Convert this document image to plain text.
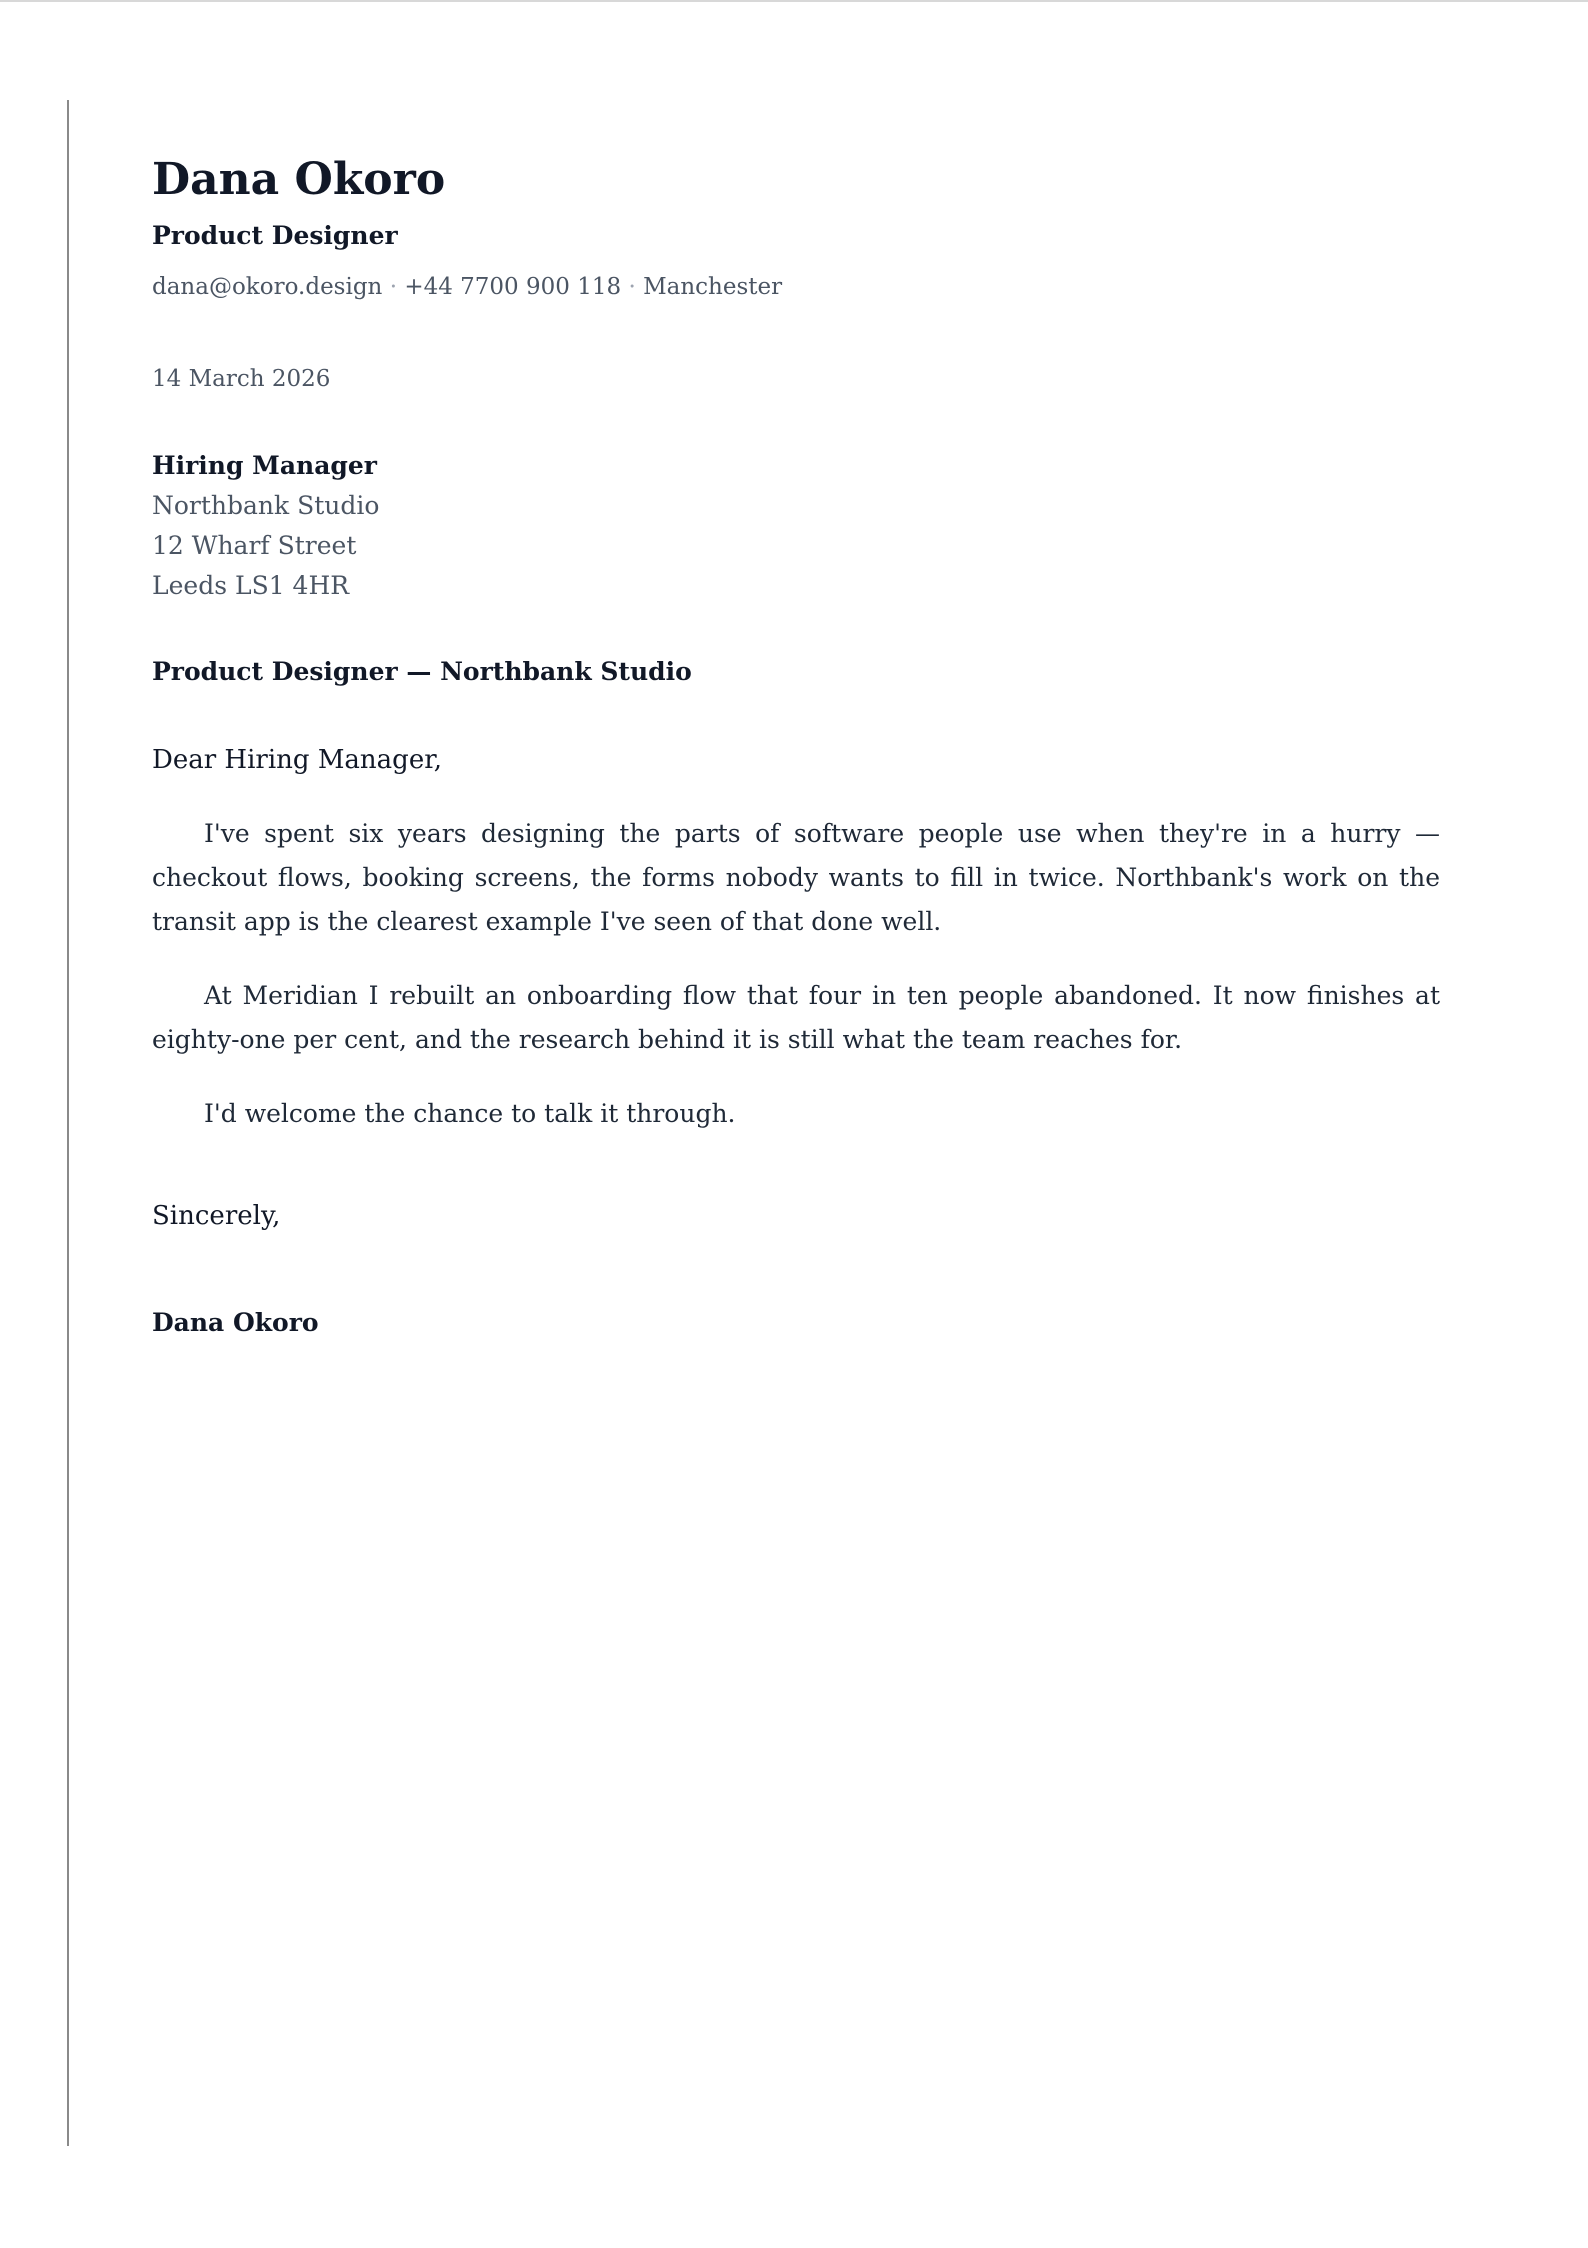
Dana Okoro
Product Designer
dana@okoro.design · +44 7700 900 118 · Manchester
14 March 2026
Hiring Manager
Northbank Studio
12 Wharf Street
Leeds LS1 4HR
Product Designer — Northbank Studio
Dear Hiring Manager,

I've spent six years designing the parts of software people use when they're in a hurry — checkout flows, booking screens, the forms nobody wants to fill in twice. Northbank's work on the transit app is the clearest example I've seen of that done well.

At Meridian I rebuilt an onboarding flow that four in ten people abandoned. It now finishes at eighty-one per cent, and the research behind it is still what the team reaches for.

I'd welcome the chance to talk it through.

Sincerely,
Dana Okoro
